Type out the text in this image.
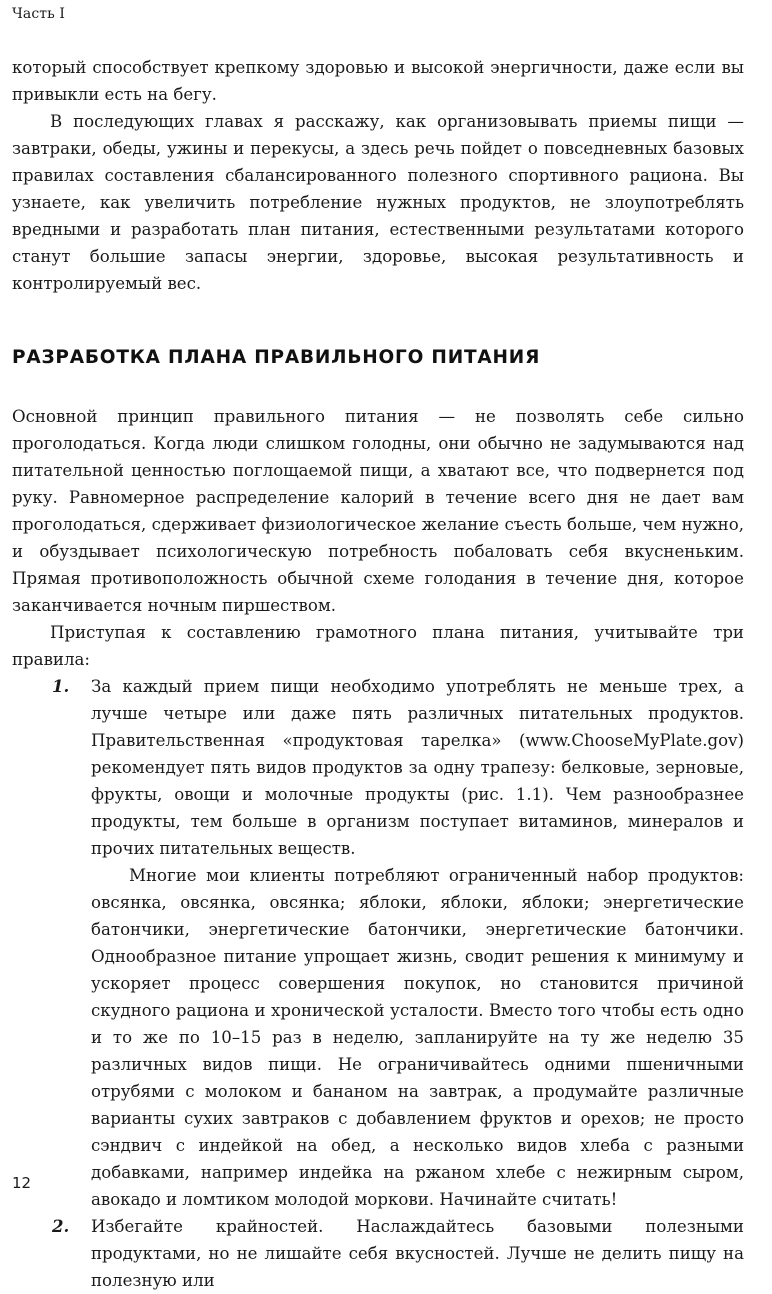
Часть I

который способствует крепкому здоровью и высокой энергичности, даже если вы привыкли есть на бегу.

В последующих главах я расскажу, как организовывать приемы пищи — завтраки, обеды, ужины и перекусы, а здесь речь пойдет о повседневных базовых правилах составления сбалансированного полезного спортивного рациона. Вы узнаете, как увеличить потребление нужных продуктов, не злоупотреблять вредными и разработать план питания, естественными результатами которого станут большие запасы энергии, здоровье, высокая результативность и контролируемый вес.

РАЗРАБОТКА ПЛАНА ПРАВИЛЬНОГО ПИТАНИЯ

Основной принцип правильного питания — не позволять себе сильно проголодаться. Когда люди слишком голодны, они обычно не задумываются над питательной ценностью поглощаемой пищи, а хватают все, что подвернется под руку. Равномерное распределение калорий в течение всего дня не дает вам проголодаться, сдерживает физиологическое желание съесть больше, чем нужно, и обуздывает психологическую потребность побаловать себя вкусненьким. Прямая противоположность обычной схеме голодания в течение дня, которое заканчивается ночным пиршеством.

Приступая к составлению грамотного плана питания, учитывайте три правила:

1. За каждый прием пищи необходимо употреблять не меньше трех, а лучше четыре или даже пять различных питательных продуктов. Правительственная «продуктовая тарелка» (www.ChooseMyPlate.gov) рекомендует пять видов продуктов за одну трапезу: белковые, зерновые, фрукты, овощи и молочные продукты (рис. 1.1). Чем разнообразнее продукты, тем больше в организм поступает витаминов, минералов и прочих питательных веществ.

Многие мои клиенты потребляют ограниченный набор продуктов: овсянка, овсянка, овсянка; яблоки, яблоки, яблоки; энергетические батончики, энергетические батончики, энергетические батончики. Однообразное питание упрощает жизнь, сводит решения к минимуму и ускоряет процесс совершения покупок, но становится причиной скудного рациона и хронической усталости. Вместо того чтобы есть одно и то же по 10–15 раз в неделю, запланируйте на ту же неделю 35 различных видов пищи. Не ограничивайтесь одними пшеничными отрубями с молоком и бананом на завтрак, а продумайте различные варианты сухих завтраков с добавлением фруктов и орехов; не просто сэндвич с индейкой на обед, а несколько видов хлеба с разными добавками, например индейка на ржаном хлебе с нежирным сыром, авокадо и ломтиком молодой моркови. Начинайте считать!

2. Избегайте крайностей. Наслаждайтесь базовыми полезными продуктами, но не лишайте себя вкусностей. Лучше не делить пищу на полезную или

12
